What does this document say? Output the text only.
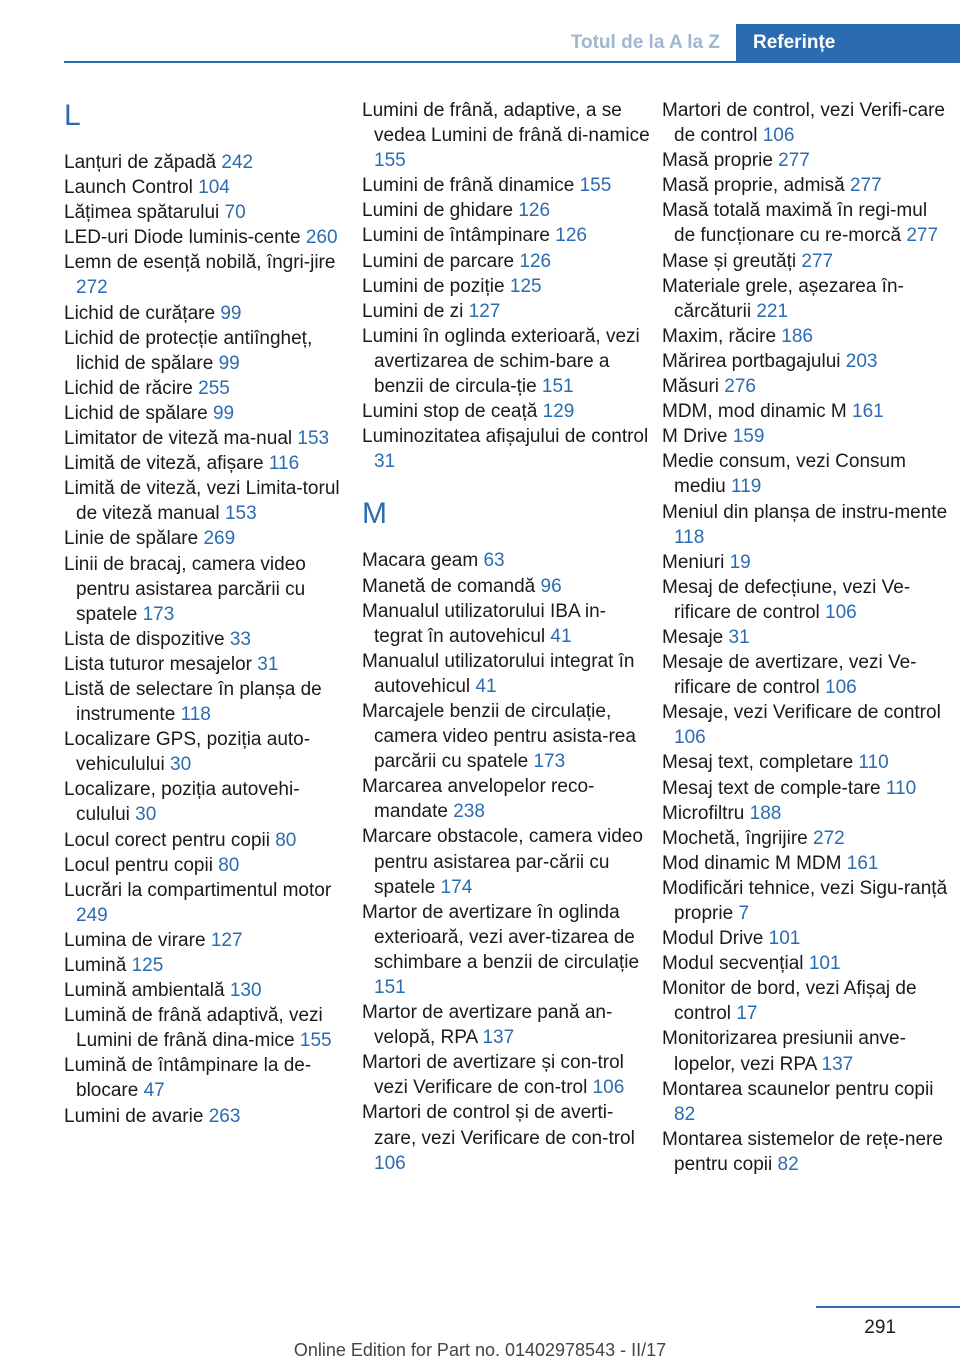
Totul de la A la Z	Referințe
L
Lanțuri de zăpadă 242
Launch Control 104
Lățimea spătarului 70
LED-uri Diode luminis-cente 260
Lemn de esență nobilă, îngri-jire 272
Lichid de curățare 99
Lichid de protecție antiîngheț, lichid de spălare 99
Lichid de răcire 255
Lichid de spălare 99
Limitator de viteză ma-nual 153
Limită de viteză, afișare 116
Limită de viteză, vezi Limita-torul de viteză manual 153
Linie de spălare 269
Linii de bracaj, camera video pentru asistarea parcării cu spatele 173
Lista de dispozitive 33
Lista tuturor mesajelor 31
Listă de selectare în planșa de instrumente 118
Localizare GPS, poziția auto-vehiculului 30
Localizare, poziția autovehi-culului 30
Locul corect pentru copii 80
Locul pentru copii 80
Lucrări la compartimentul motor 249
Lumina de virare 127
Lumină 125
Lumină ambientală 130
Lumină de frână adaptivă, vezi Lumini de frână dina-mice 155
Lumină de întâmpinare la de-blocare 47
Lumini de avarie 263
Lumini de frână, adaptive, a se vedea Lumini de frână di-namice 155
Lumini de frână dinamice 155
Lumini de ghidare 126
Lumini de întâmpinare 126
Lumini de parcare 126
Lumini de poziție 125
Lumini de zi 127
Lumini în oglinda exterioară, vezi avertizarea de schim-bare a benzii de circula-ție 151
Lumini stop de ceață 129
Luminozitatea afișajului de control 31
M
Macara geam 63
Manetă de comandă 96
Manualul utilizatorului IBA in-tegrat în autovehicul 41
Manualul utilizatorului integrat în autovehicul 41
Marcajele benzii de circulație, camera video pentru asista-rea parcării cu spatele 173
Marcarea anvelopelor reco-mandate 238
Marcare obstacole, camera video pentru asistarea par-cării cu spatele 174
Martor de avertizare în oglinda exterioară, vezi aver-tizarea de schimbare a benzii de circulație 151
Martor de avertizare pană an-velopă, RPA 137
Martori de avertizare și con-trol vezi Verificare de con-trol 106
Martori de control și de averti-zare, vezi Verificare de con-trol 106
Martori de control, vezi Verifi-care de control 106
Masă proprie 277
Masă proprie, admisă 277
Masă totală maximă în regi-mul de funcționare cu re-morcă 277
Mase și greutăți 277
Materiale grele, așezarea în-cărcăturii 221
Maxim, răcire 186
Mărirea portbagajului 203
Măsuri 276
MDM, mod dinamic M 161
M Drive 159
Medie consum, vezi Consum mediu 119
Meniul din planșa de instru-mente 118
Meniuri 19
Mesaj de defecțiune, vezi Ve-rificare de control 106
Mesaje 31
Mesaje de avertizare, vezi Ve-rificare de control 106
Mesaje, vezi Verificare de control 106
Mesaj text, completare 110
Mesaj text de comple-tare 110
Microfiltru 188
Mochetă, îngrijire 272
Mod dinamic M MDM 161
Modificări tehnice, vezi Sigu-ranță proprie 7
Modul Drive 101
Modul secvențial 101
Monitor de bord, vezi Afișaj de control 17
Monitorizarea presiunii anve-lopelor, vezi RPA 137
Montarea scaunelor pentru copii 82
Montarea sistemelor de rețe-nere pentru copii 82
291
Online Edition for Part no. 01402978543 - II/17
